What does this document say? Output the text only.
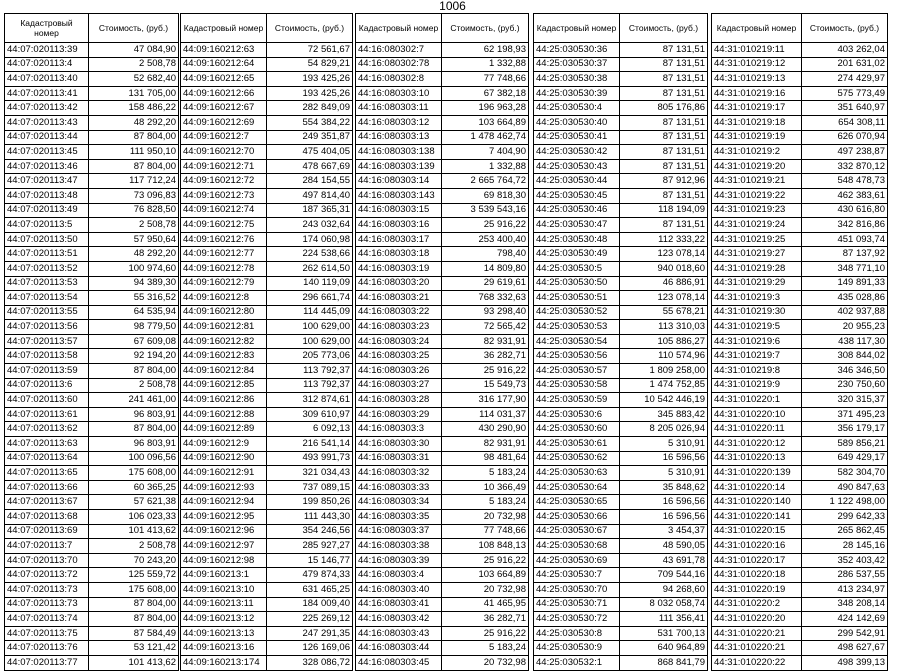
1006
Кадастровый номер	Стоимость, (руб.)
44:07:020113:39	47 084,90
44:07:020113:4	2 508,78
44:07:020113:40	52 682,40
44:07:020113:41	131 705,00
44:07:020113:42	158 486,22
44:07:020113:43	48 292,20
44:07:020113:44	87 804,00
44:07:020113:45	111 950,10
44:07:020113:46	87 804,00
44:07:020113:47	117 712,24
44:07:020113:48	73 096,83
44:07:020113:49	76 828,50
44:07:020113:5	2 508,78
44:07:020113:50	57 950,64
44:07:020113:51	48 292,20
44:07:020113:52	100 974,60
44:07:020113:53	94 389,30
44:07:020113:54	55 316,52
44:07:020113:55	64 535,94
44:07:020113:56	98 779,50
44:07:020113:57	67 609,08
44:07:020113:58	92 194,20
44:07:020113:59	87 804,00
44:07:020113:6	2 508,78
44:07:020113:60	241 461,00
44:07:020113:61	96 803,91
44:07:020113:62	87 804,00
44:07:020113:63	96 803,91
44:07:020113:64	100 096,56
44:07:020113:65	175 608,00
44:07:020113:66	60 365,25
44:07:020113:67	57 621,38
44:07:020113:68	106 023,33
44:07:020113:69	101 413,62
44:07:020113:7	2 508,78
44:07:020113:70	70 243,20
44:07:020113:72	125 559,72
44:07:020113:73	175 608,00
44:07:020113:73	87 804,00
44:07:020113:74	87 804,00
44:07:020113:75	87 584,49
44:07:020113:76	53 121,42
44:07:020113:77	101 413,62
Кадастровый номер	Стоимость, (руб.)
44:09:160212:63	72 561,67
44:09:160212:64	54 829,21
44:09:160212:65	193 425,26
44:09:160212:66	193 425,26
44:09:160212:67	282 849,09
44:09:160212:69	554 384,22
44:09:160212:7	249 351,87
44:09:160212:70	475 404,05
44:09:160212:71	478 667,69
44:09:160212:72	284 154,55
44:09:160212:73	497 814,40
44:09:160212:74	187 365,31
44:09:160212:75	243 032,64
44:09:160212:76	174 060,98
44:09:160212:77	224 538,66
44:09:160212:78	262 614,50
44:09:160212:79	140 119,09
44:09:160212:8	296 661,74
44:09:160212:80	114 445,09
44:09:160212:81	100 629,00
44:09:160212:82	100 629,00
44:09:160212:83	205 773,06
44:09:160212:84	113 792,37
44:09:160212:85	113 792,37
44:09:160212:86	312 874,61
44:09:160212:88	309 610,97
44:09:160212:89	6 092,13
44:09:160212:9	216 541,14
44:09:160212:90	493 991,73
44:09:160212:91	321 034,43
44:09:160212:93	737 089,15
44:09:160212:94	199 850,26
44:09:160212:95	111 443,30
44:09:160212:96	354 246,56
44:09:160212:97	285 927,27
44:09:160212:98	15 146,77
44:09:160213:1	479 874,33
44:09:160213:10	631 465,25
44:09:160213:11	184 009,40
44:09:160213:12	225 269,12
44:09:160213:13	247 291,35
44:09:160213:16	126 169,06
44:09:160213:174	328 086,72
Кадастровый номер	Стоимость, (руб.)
44:16:080302:7	62 198,93
44:16:080302:78	1 332,88
44:16:080302:8	77 748,66
44:16:080303:10	67 382,18
44:16:080303:11	196 963,28
44:16:080303:12	103 664,89
44:16:080303:13	1 478 462,74
44:16:080303:138	7 404,90
44:16:080303:139	1 332,88
44:16:080303:14	2 665 764,72
44:16:080303:143	69 818,30
44:16:080303:15	3 539 543,16
44:16:080303:16	25 916,22
44:16:080303:17	253 400,40
44:16:080303:18	798,40
44:16:080303:19	14 809,80
44:16:080303:20	29 619,61
44:16:080303:21	768 332,63
44:16:080303:22	93 298,40
44:16:080303:23	72 565,42
44:16:080303:24	82 931,91
44:16:080303:25	36 282,71
44:16:080303:26	25 916,22
44:16:080303:27	15 549,73
44:16:080303:28	316 177,90
44:16:080303:29	114 031,37
44:16:080303:3	430 290,90
44:16:080303:30	82 931,91
44:16:080303:31	98 481,64
44:16:080303:32	5 183,24
44:16:080303:33	10 366,49
44:16:080303:34	5 183,24
44:16:080303:35	20 732,98
44:16:080303:37	77 748,66
44:16:080303:38	108 848,13
44:16:080303:39	25 916,22
44:16:080303:4	103 664,89
44:16:080303:40	20 732,98
44:16:080303:41	41 465,95
44:16:080303:42	36 282,71
44:16:080303:43	25 916,22
44:16:080303:44	5 183,24
44:16:080303:45	20 732,98
Кадастровый номер	Стоимость, (руб.)
44:25:030530:36	87 131,51
44:25:030530:37	87 131,51
44:25:030530:38	87 131,51
44:25:030530:39	87 131,51
44:25:030530:4	805 176,86
44:25:030530:40	87 131,51
44:25:030530:41	87 131,51
44:25:030530:42	87 131,51
44:25:030530:43	87 131,51
44:25:030530:44	87 912,96
44:25:030530:45	87 131,51
44:25:030530:46	118 194,09
44:25:030530:47	87 131,51
44:25:030530:48	112 333,22
44:25:030530:49	123 078,14
44:25:030530:5	940 018,60
44:25:030530:50	46 886,91
44:25:030530:51	123 078,14
44:25:030530:52	55 678,21
44:25:030530:53	113 310,03
44:25:030530:54	105 886,27
44:25:030530:56	110 574,96
44:25:030530:57	1 809 258,00
44:25:030530:58	1 474 752,85
44:25:030530:59	10 542 446,19
44:25:030530:6	345 883,42
44:25:030530:60	8 205 026,94
44:25:030530:61	5 310,91
44:25:030530:62	16 596,56
44:25:030530:63	5 310,91
44:25:030530:64	35 848,62
44:25:030530:65	16 596,56
44:25:030530:66	16 596,56
44:25:030530:67	3 454,37
44:25:030530:68	48 590,05
44:25:030530:69	43 691,78
44:25:030530:7	709 544,16
44:25:030530:70	94 268,60
44:25:030530:71	8 032 058,74
44:25:030530:72	111 356,41
44:25:030530:8	531 700,13
44:25:030530:9	640 964,89
44:25:030532:1	868 841,79
Кадастровый номер	Стоимость, (руб.)
44:31:010219:11	403 262,04
44:31:010219:12	201 631,02
44:31:010219:13	274 429,97
44:31:010219:16	575 773,49
44:31:010219:17	351 640,97
44:31:010219:18	654 308,11
44:31:010219:19	626 070,94
44:31:010219:2	497 238,87
44:31:010219:20	332 870,12
44:31:010219:21	548 478,73
44:31:010219:22	462 383,61
44:31:010219:23	430 616,80
44:31:010219:24	342 816,86
44:31:010219:25	451 093,74
44:31:010219:27	87 137,92
44:31:010219:28	348 771,10
44:31:010219:29	149 891,33
44:31:010219:3	435 028,86
44:31:010219:30	402 937,88
44:31:010219:5	20 955,23
44:31:010219:6	438 117,30
44:31:010219:7	308 844,02
44:31:010219:8	346 346,50
44:31:010219:9	230 750,60
44:31:010220:1	320 315,37
44:31:010220:10	371 495,23
44:31:010220:11	356 179,17
44:31:010220:12	589 856,21
44:31:010220:13	649 429,17
44:31:010220:139	582 304,70
44:31:010220:14	490 847,63
44:31:010220:140	1 122 498,00
44:31:010220:141	299 642,33
44:31:010220:15	265 862,45
44:31:010220:16	28 145,16
44:31:010220:17	352 403,42
44:31:010220:18	286 537,55
44:31:010220:19	413 234,97
44:31:010220:2	348 208,14
44:31:010220:20	424 142,69
44:31:010220:21	299 542,91
44:31:010220:21	498 627,67
44:31:010220:22	498 399,13
